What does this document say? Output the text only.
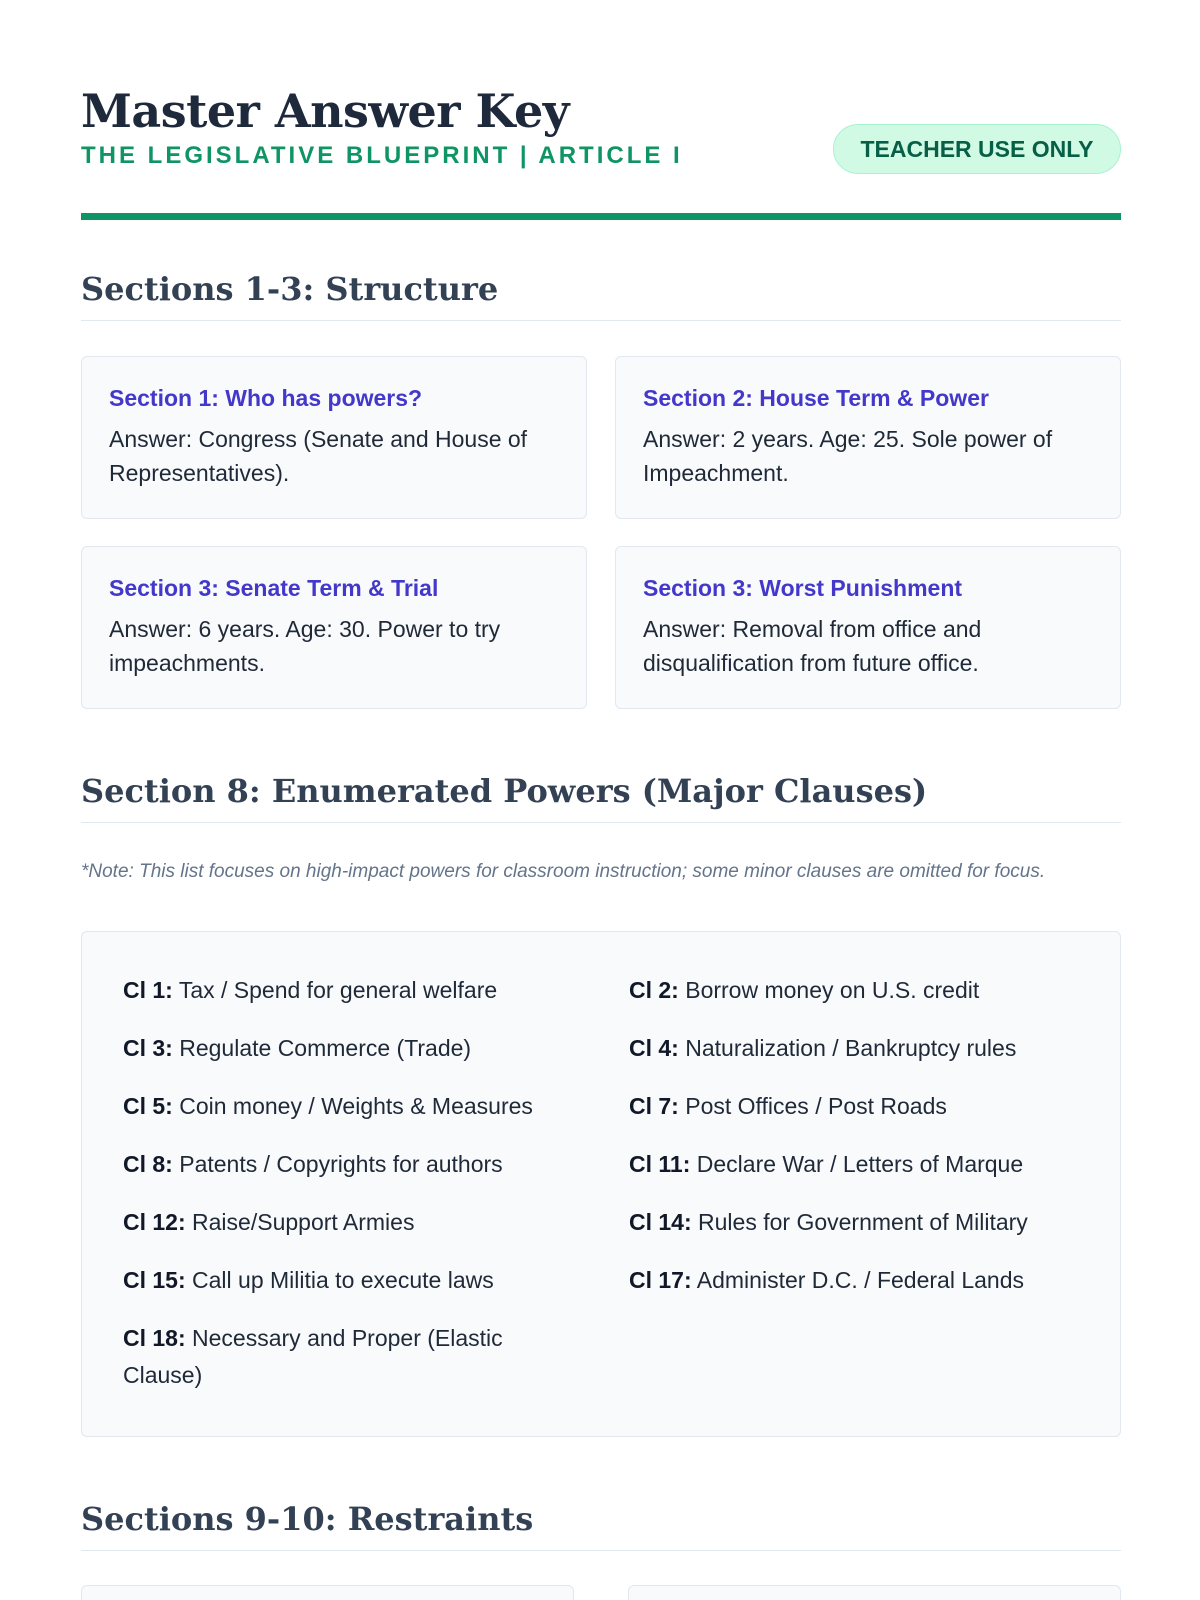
Master Answer Key
THE LEGISLATIVE BLUEPRINT | ARTICLE I	TEACHER USE ONLY
Sections 1-3: Structure
Section 1: Who has powers?
Answer: Congress (Senate and House of Representatives).
Section 2: House Term & Power
Answer: 2 years. Age: 25. Sole power of Impeachment.
Section 3: Senate Term & Trial
Answer: 6 years. Age: 30. Power to try impeachments.
Section 3: Worst Punishment
Answer: Removal from office and disqualification from future office.
Section 8: Enumerated Powers (Major Clauses)
*Note: This list focuses on high-impact powers for classroom instruction; some minor clauses are omitted for focus.
Cl 1: Tax / Spend for general welfare	Cl 2: Borrow money on U.S. credit
Cl 3: Regulate Commerce (Trade)	Cl 4: Naturalization / Bankruptcy rules
Cl 5: Coin money / Weights & Measures	Cl 7: Post Offices / Post Roads
Cl 8: Patents / Copyrights for authors	Cl 11: Declare War / Letters of Marque
Cl 12: Raise/Support Armies	Cl 14: Rules for Government of Military
Cl 15: Call up Militia to execute laws	Cl 17: Administer D.C. / Federal Lands
Cl 18: Necessary and Proper (Elastic Clause)
Sections 9-10: Restraints
